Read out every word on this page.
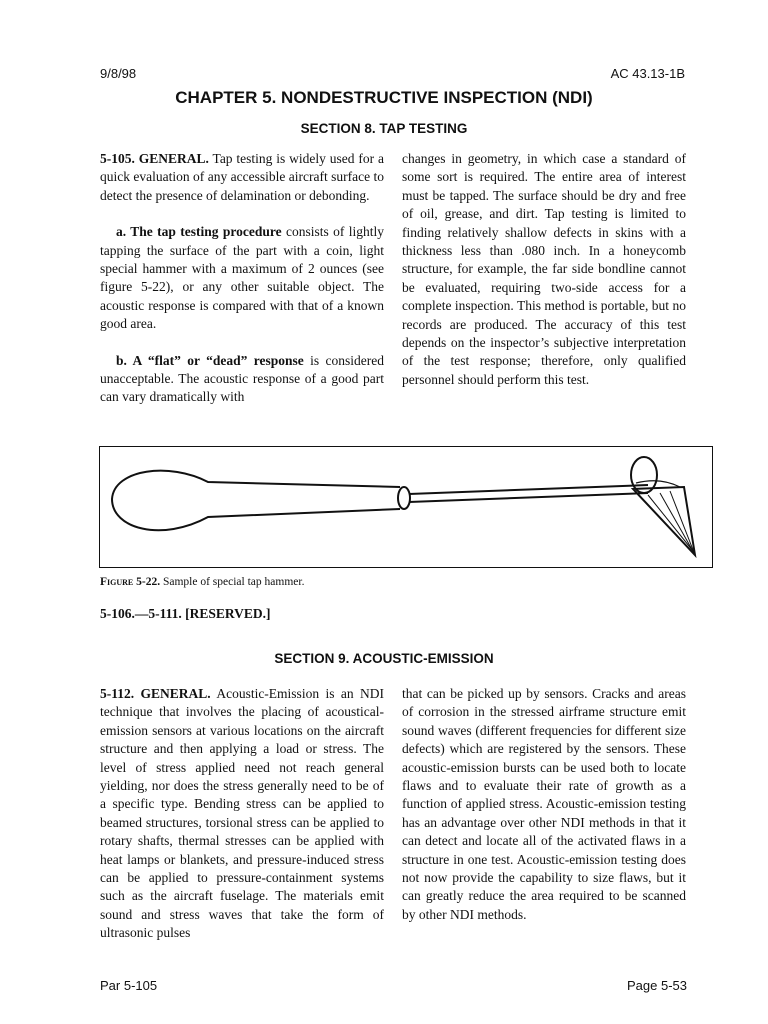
9/8/98	AC 43.13-1B
CHAPTER 5. NONDESTRUCTIVE INSPECTION (NDI)
SECTION 8. TAP TESTING

5-105. GENERAL. Tap testing is widely used for a quick evaluation of any accessible aircraft surface to detect the presence of delamination or debonding.

a. The tap testing procedure consists of lightly tapping the surface of the part with a coin, light special hammer with a maximum of 2 ounces (see figure 5-22), or any other suitable object. The acoustic response is compared with that of a known good area.

b. A “flat” or “dead” response is considered unacceptable. The acoustic response of a good part can vary dramatically with

changes in geometry, in which case a standard of some sort is required. The entire area of interest must be tapped. The surface should be dry and free of oil, grease, and dirt. Tap testing is limited to finding relatively shallow defects in skins with a thickness less than .080 inch. In a honeycomb structure, for example, the far side bondline cannot be evaluated, requiring two-side access for a complete inspection. This method is portable, but no records are produced. The accuracy of this test depends on the inspector’s subjective interpretation of the test response; therefore, only qualified personnel should perform this test.

Figure 5-22. Sample of special tap hammer.
5-106.—5-111. [RESERVED.]
SECTION 9. ACOUSTIC-EMISSION

5-112. GENERAL. Acoustic-Emission is an NDI technique that involves the placing of acoustical-emission sensors at various locations on the aircraft structure and then applying a load or stress. The level of stress applied need not reach general yielding, nor does the stress generally need to be of a specific type. Bending stress can be applied to beamed structures, torsional stress can be applied to rotary shafts, thermal stresses can be applied with heat lamps or blankets, and pressure-induced stress can be applied to pressure-containment systems such as the aircraft fuselage. The materials emit sound and stress waves that take the form of ultrasonic pulses

that can be picked up by sensors. Cracks and areas of corrosion in the stressed airframe structure emit sound waves (different frequencies for different size defects) which are registered by the sensors. These acoustic-emission bursts can be used both to locate flaws and to evaluate their rate of growth as a function of applied stress. Acoustic-emission testing has an advantage over other NDI methods in that it can detect and locate all of the activated flaws in a structure in one test. Acoustic-emission testing does not now provide the capability to size flaws, but it can greatly reduce the area required to be scanned by other NDI methods.

Par 5-105	Page 5-53
